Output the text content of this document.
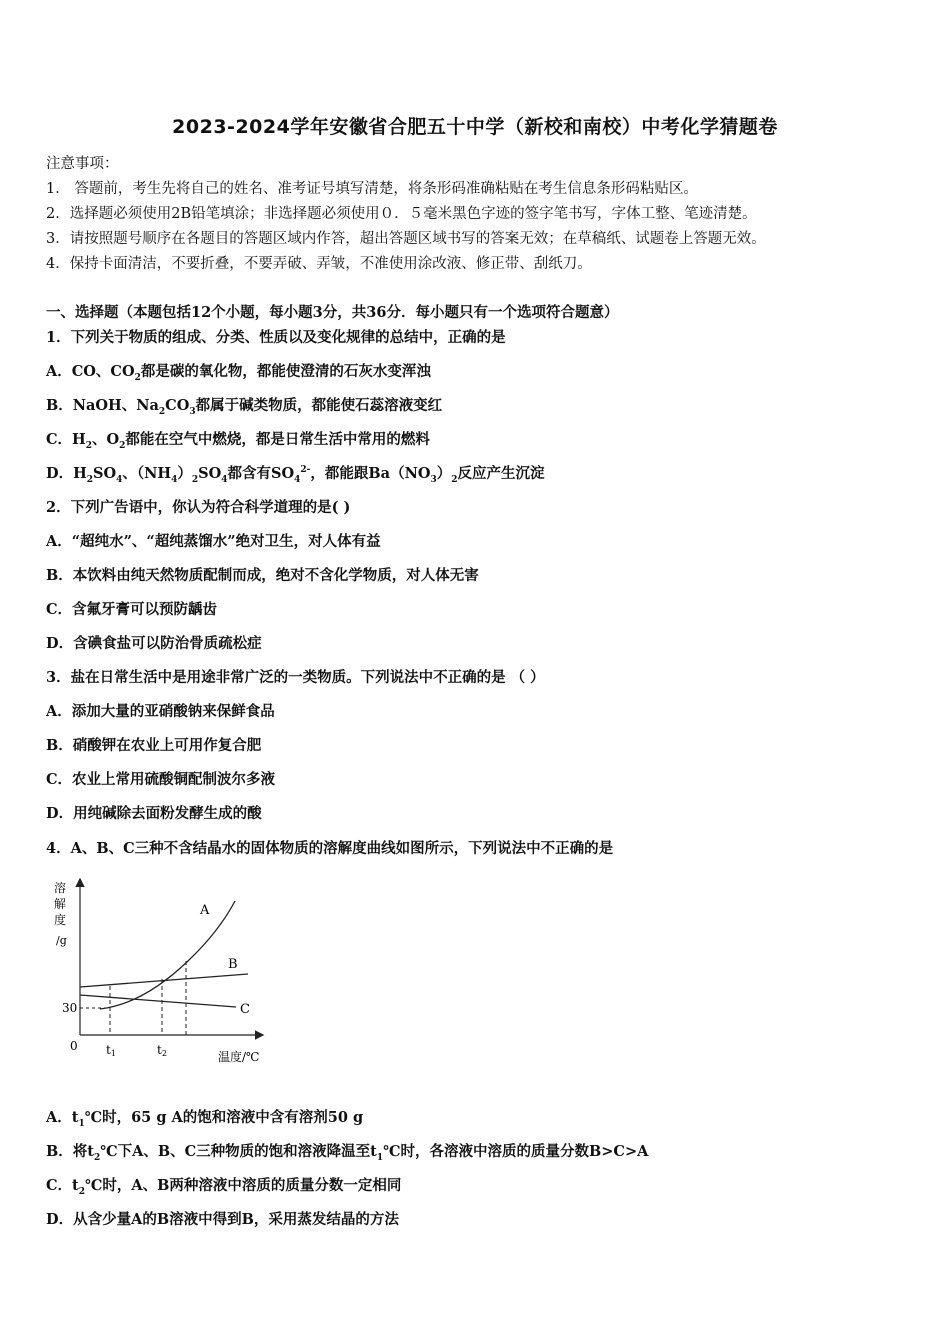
2023-2024学年安徽省合肥五十中学（新校和南校）中考化学猜题卷
注意事项：
1． 答题前，考生先将自己的姓名、准考证号填写清楚，将条形码准确粘贴在考生信息条形码粘贴区。
2．选择题必须使用2B铅笔填涂；非选择题必须使用０．５毫米黑色字迹的签字笔书写，字体工整、笔迹清楚。
3．请按照题号顺序在各题目的答题区域内作答，超出答题区域书写的答案无效；在草稿纸、试题卷上答题无效。
4．保持卡面清洁，不要折叠，不要弄破、弄皱，不准使用涂改液、修正带、刮纸刀。
一、选择题（本题包括12个小题，每小题3分，共36分．每小题只有一个选项符合题意）
1．下列关于物质的组成、分类、性质以及变化规律的总结中，正确的是
A．CO、$CO_2$都是碳的氧化物，都能使澄清的石灰水变浑浊
B．NaOH、$Na_2CO_3$都属于碱类物质，都能使石蕊溶液变红
C．$H_2$、$O_2$都能在空气中燃烧，都是日常生活中常用的燃料
D．$H_2SO_4$、$(NH_4)_2SO_4$都含有$SO_4^{2-}$，都能跟$Ba(NO_3)_2$反应产生沉淀
2．下列广告语中，你认为符合科学道理的是( )
A．“超纯水”、“超纯蒸馏水”绝对卫生，对人体有益
B．本饮料由纯天然物质配制而成，绝对不含化学物质，对人体无害
C．含氟牙膏可以预防龋齿
D．含碘食盐可以防治骨质疏松症
3．盐在日常生活中是用途非常广泛的一类物质。下列说法中不正确的是 （ ）
A．添加大量的亚硝酸钠来保鲜食品
B．硝酸钾在农业上可用作复合肥
C．农业上常用硫酸铜配制波尔多液
D．用纯碱除去面粉发酵生成的酸
4．A、B、C三种不含结晶水的固体物质的溶解度曲线如图所示，下列说法中不正确的是
溶
解
度
/g
0
30
t1	t2	温度/℃
A
B
C
A．$t_1℃$时，65 g A的饱和溶液中含有溶剂50 g
B．将$t_2℃$下A、B、C三种物质的饱和溶液降温至$t_1℃$时，各溶液中溶质的质量分数B>C>A
C．$t_2℃$时，A、B两种溶液中溶质的质量分数一定相同
D．从含少量A的B溶液中得到B，采用蒸发结晶的方法
